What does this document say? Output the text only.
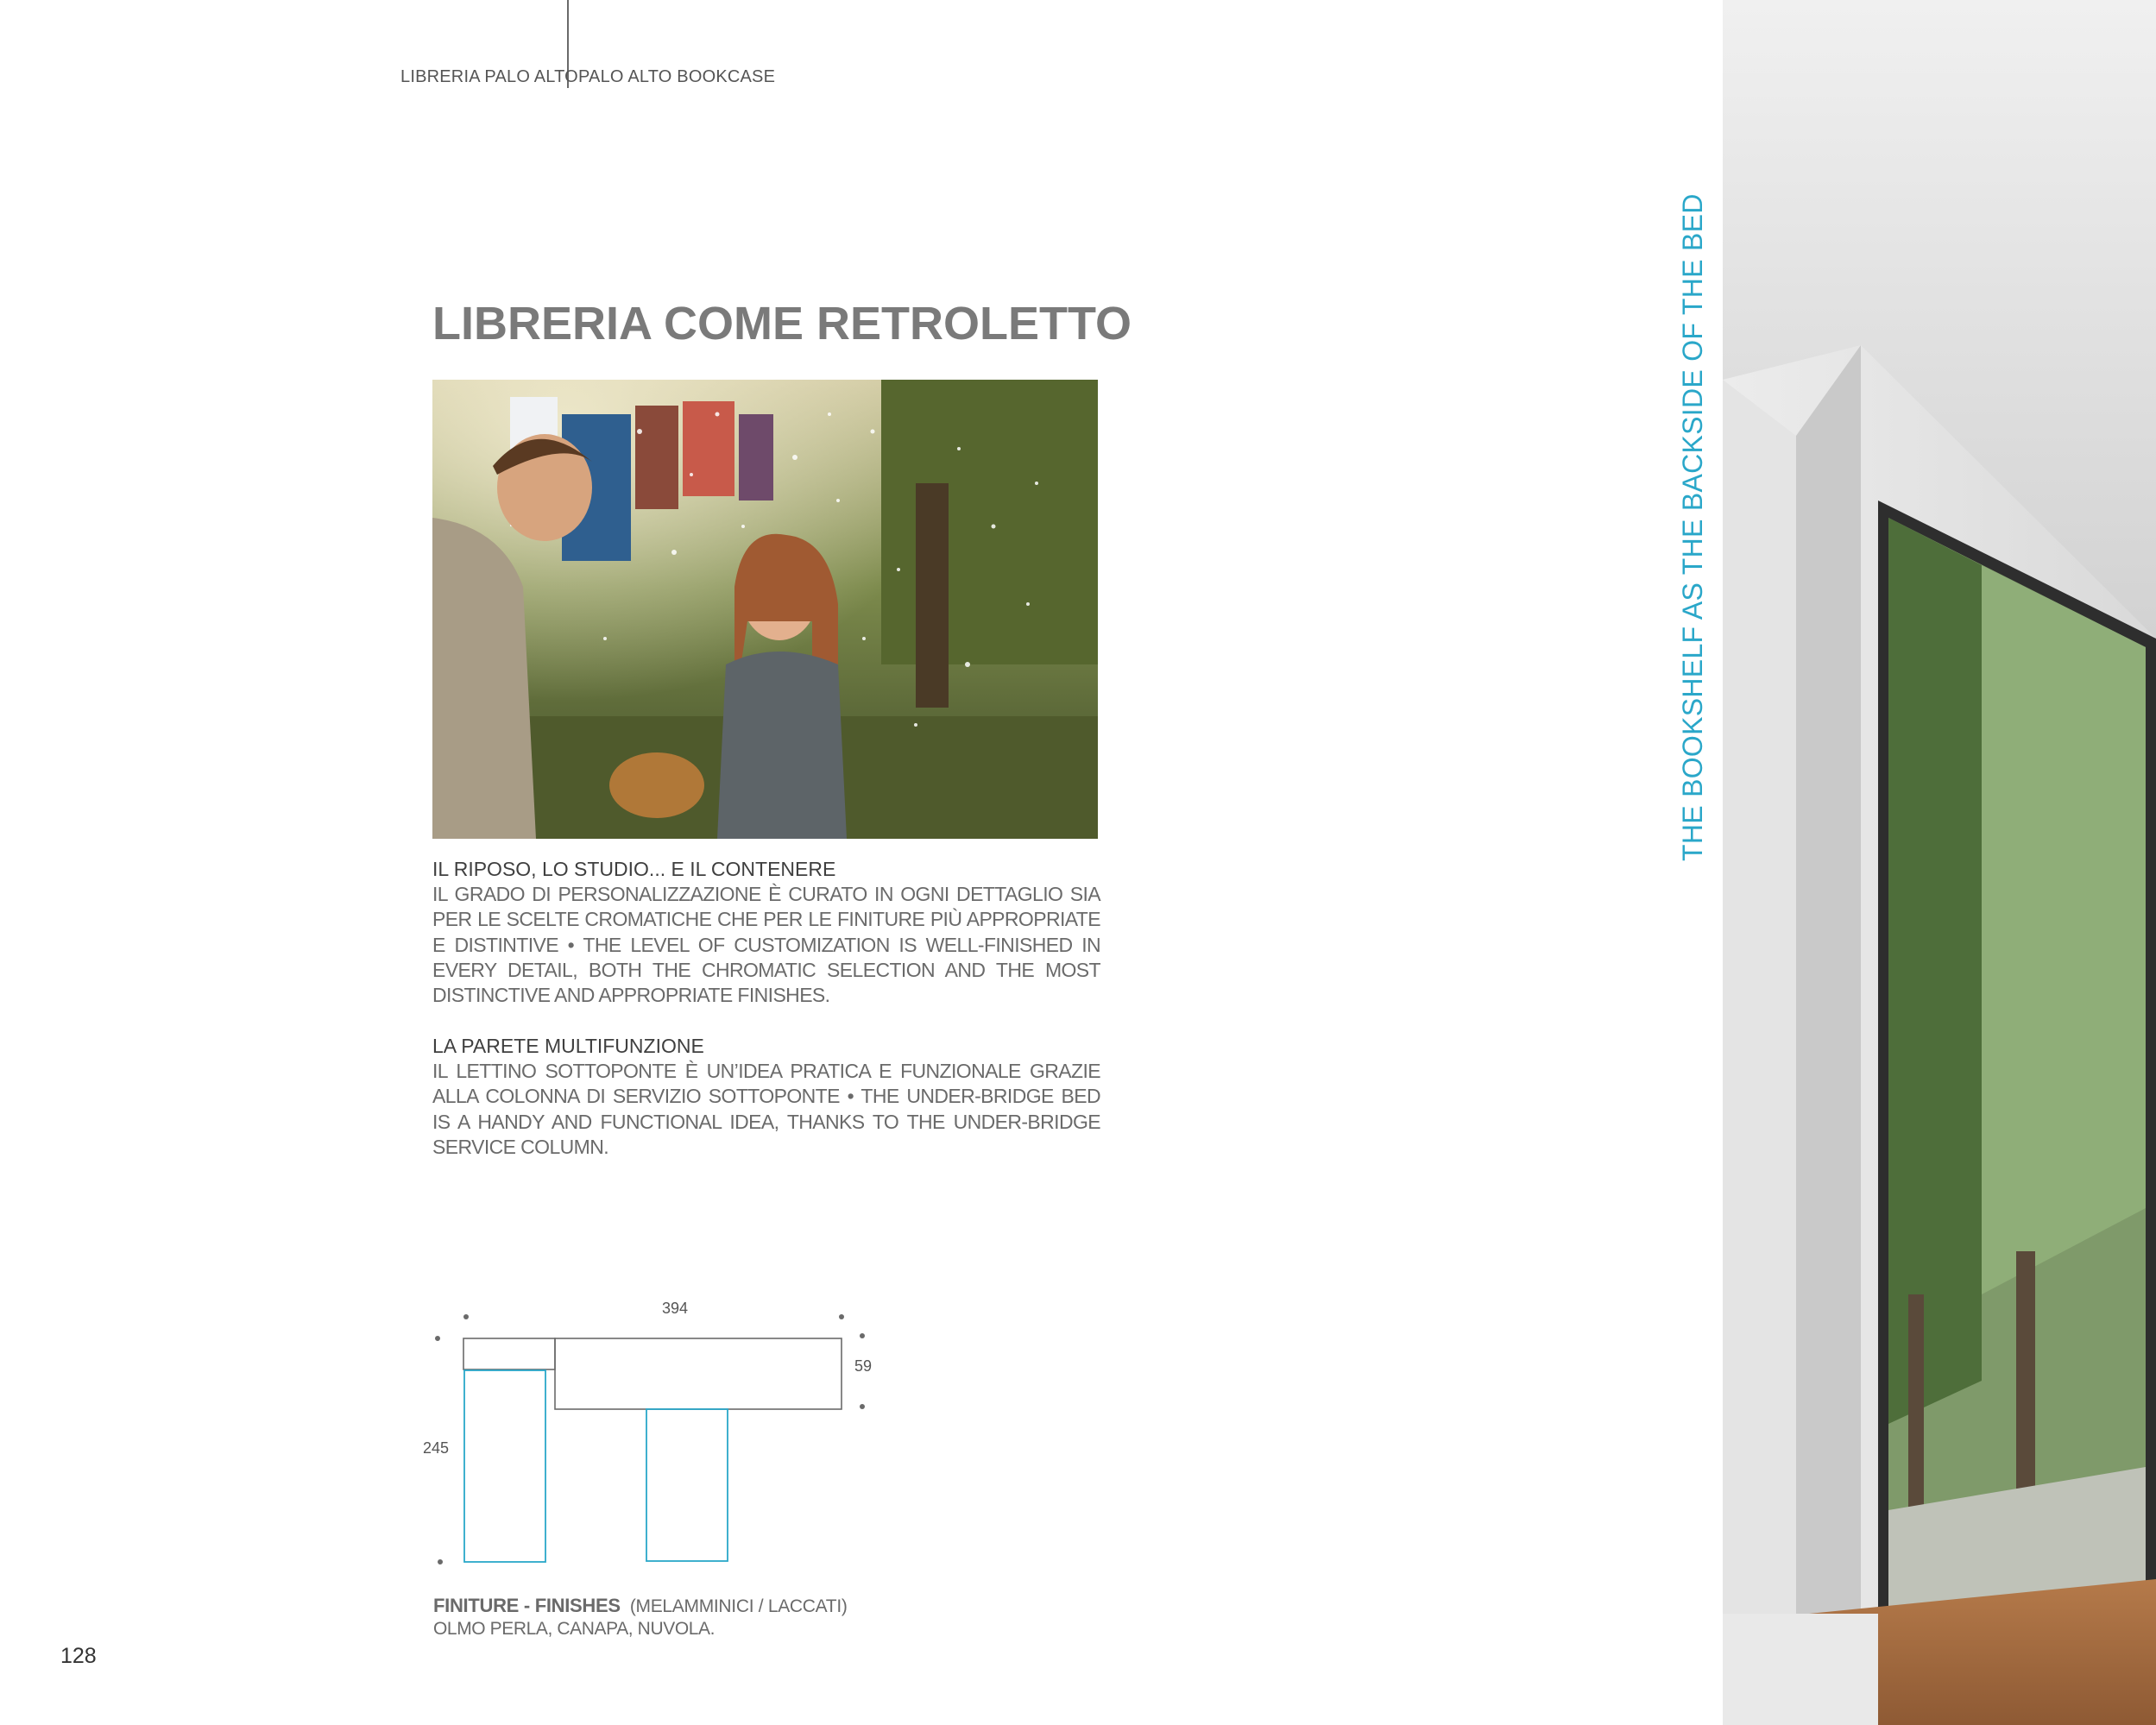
LIBRERIA PALO ALTO PALO ALTO BOOKCASE
LIBRERIA COME RETROLETTO
IL RIPOSO, LO STUDIO... E IL CONTENERE

IL GRADO DI PERSONALIZZAZIONE È CURATO IN OGNI DETTAGLIO SIA PER LE SCELTE CROMATICHE CHE PER LE FINITURE PIÙ APPROPRIATE E DISTINTIVE • THE LEVEL OF CUSTOMIZATION IS WELL-FINISHED IN EVERY DETAIL, BOTH THE CHROMATIC SELECTION AND THE MOST DISTINCTIVE AND APPROPRIATE FINISHES.

LA PARETE MULTIFUNZIONE

IL LETTINO SOTTOPONTE È UN’IDEA PRATICA E FUNZIONALE GRAZIE ALLA COLONNA DI SERVIZIO SOTTOPONTE • THE UNDER-BRIDGE BED IS A HANDY AND FUNCTIONAL IDEA, THANKS TO THE UNDER-BRIDGE SERVICE COLUMN.

THE BOOKSHELF AS THE BACKSIDE OF THE BED
394
59
245
FINITURE - FINISHES (MELAMMINICI / LACCATI)
OLMO PERLA, CANAPA, NUVOLA.
128
